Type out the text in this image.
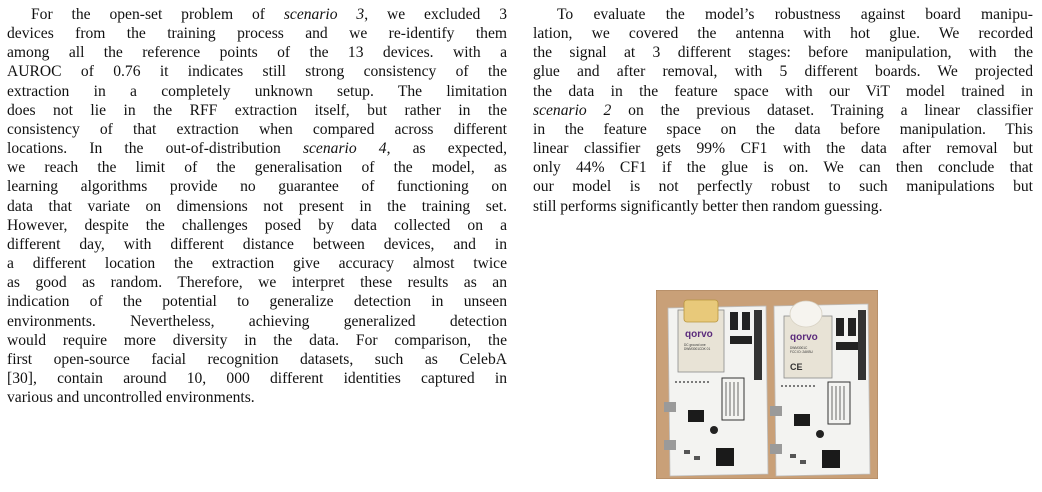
For the open-set problem of scenario 3, we excluded 3
devices from the training process and we re-identify them
among all the reference points of the 13 devices. with a
AUROC of 0.76 it indicates still strong consistency of the
extraction in a completely unknown setup. The limitation
does not lie in the RFF extraction itself, but rather in the
consistency of that extraction when compared across different
locations. In the out-of-distribution scenario 4, as expected,
we reach the limit of the generalisation of the model, as
learning algorithms provide no guarantee of functioning on
data that variate on dimensions not present in the training set.
However, despite the challenges posed by data collected on a
different day, with different distance between devices, and in
a different location the extraction give accuracy almost twice
as good as random. Therefore, we interpret these results as an
indication of the potential to generalize detection in unseen
environments. Nevertheless, achieving generalized detection
would require more diversity in the data. For comparison, the
first open-source facial recognition datasets, such as CelebA
[30], contain around 10, 000 different identities captured in
various and uncontrolled environments.
To evaluate the model’s robustness against board manipu-
lation, we covered the antenna with hot glue. We recorded
the signal at 3 different stages: before manipulation, with the
glue and after removal, with 5 different boards. We projected
the data in the feature space with our ViT model trained in
scenario 2 on the previous dataset. Training a linear classifier
in the feature space on the data before manipulation. This
linear classifier gets 99% CF1 with the data after removal but
only 44% CF1 if the glue is on. We can then conclude that
our model is not perfectly robust to such manipulations but
still performs significantly better then random guessing.
qorvo
DC ground one
DWM3001CDK 01
qorvo
DWM3001C
FCC ID: 2AKBU
CE
